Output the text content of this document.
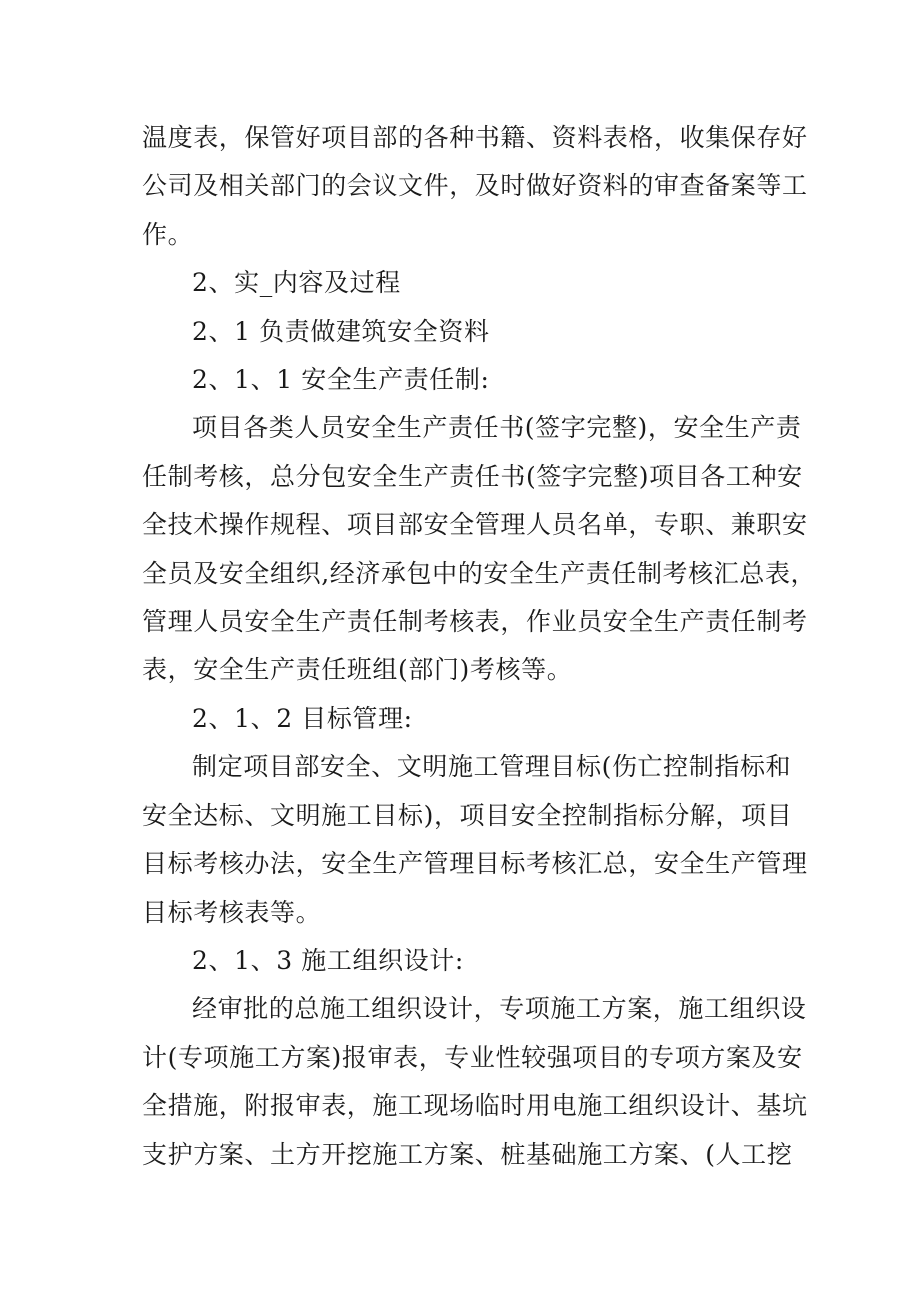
温度表，保管好项目部的各种书籍、资料表格，收集保存好
公司及相关部门的会议文件，及时做好资料的审查备案等工
作。
2、实_内容及过程
2、1 负责做建筑安全资料
2、1、1 安全生产责任制:
项目各类人员安全生产责任书(签字完整)，安全生产责
任制考核，总分包安全生产责任书(签字完整)项目各工种安
全技术操作规程、项目部安全管理人员名单，专职、兼职安
全员及安全组织,经济承包中的安全生产责任制考核汇总表，
管理人员安全生产责任制考核表，作业员安全生产责任制考
表，安全生产责任班组(部门)考核等。
2、1、2 目标管理:
制定项目部安全、文明施工管理目标(伤亡控制指标和
安全达标、文明施工目标)，项目安全控制指标分解，项目
目标考核办法，安全生产管理目标考核汇总，安全生产管理
目标考核表等。
2、1、3 施工组织设计:
经审批的总施工组织设计，专项施工方案，施工组织设
计(专项施工方案)报审表，专业性较强项目的专项方案及安
全措施，附报审表，施工现场临时用电施工组织设计、基坑
支护方案、土方开挖施工方案、桩基础施工方案、(人工挖
